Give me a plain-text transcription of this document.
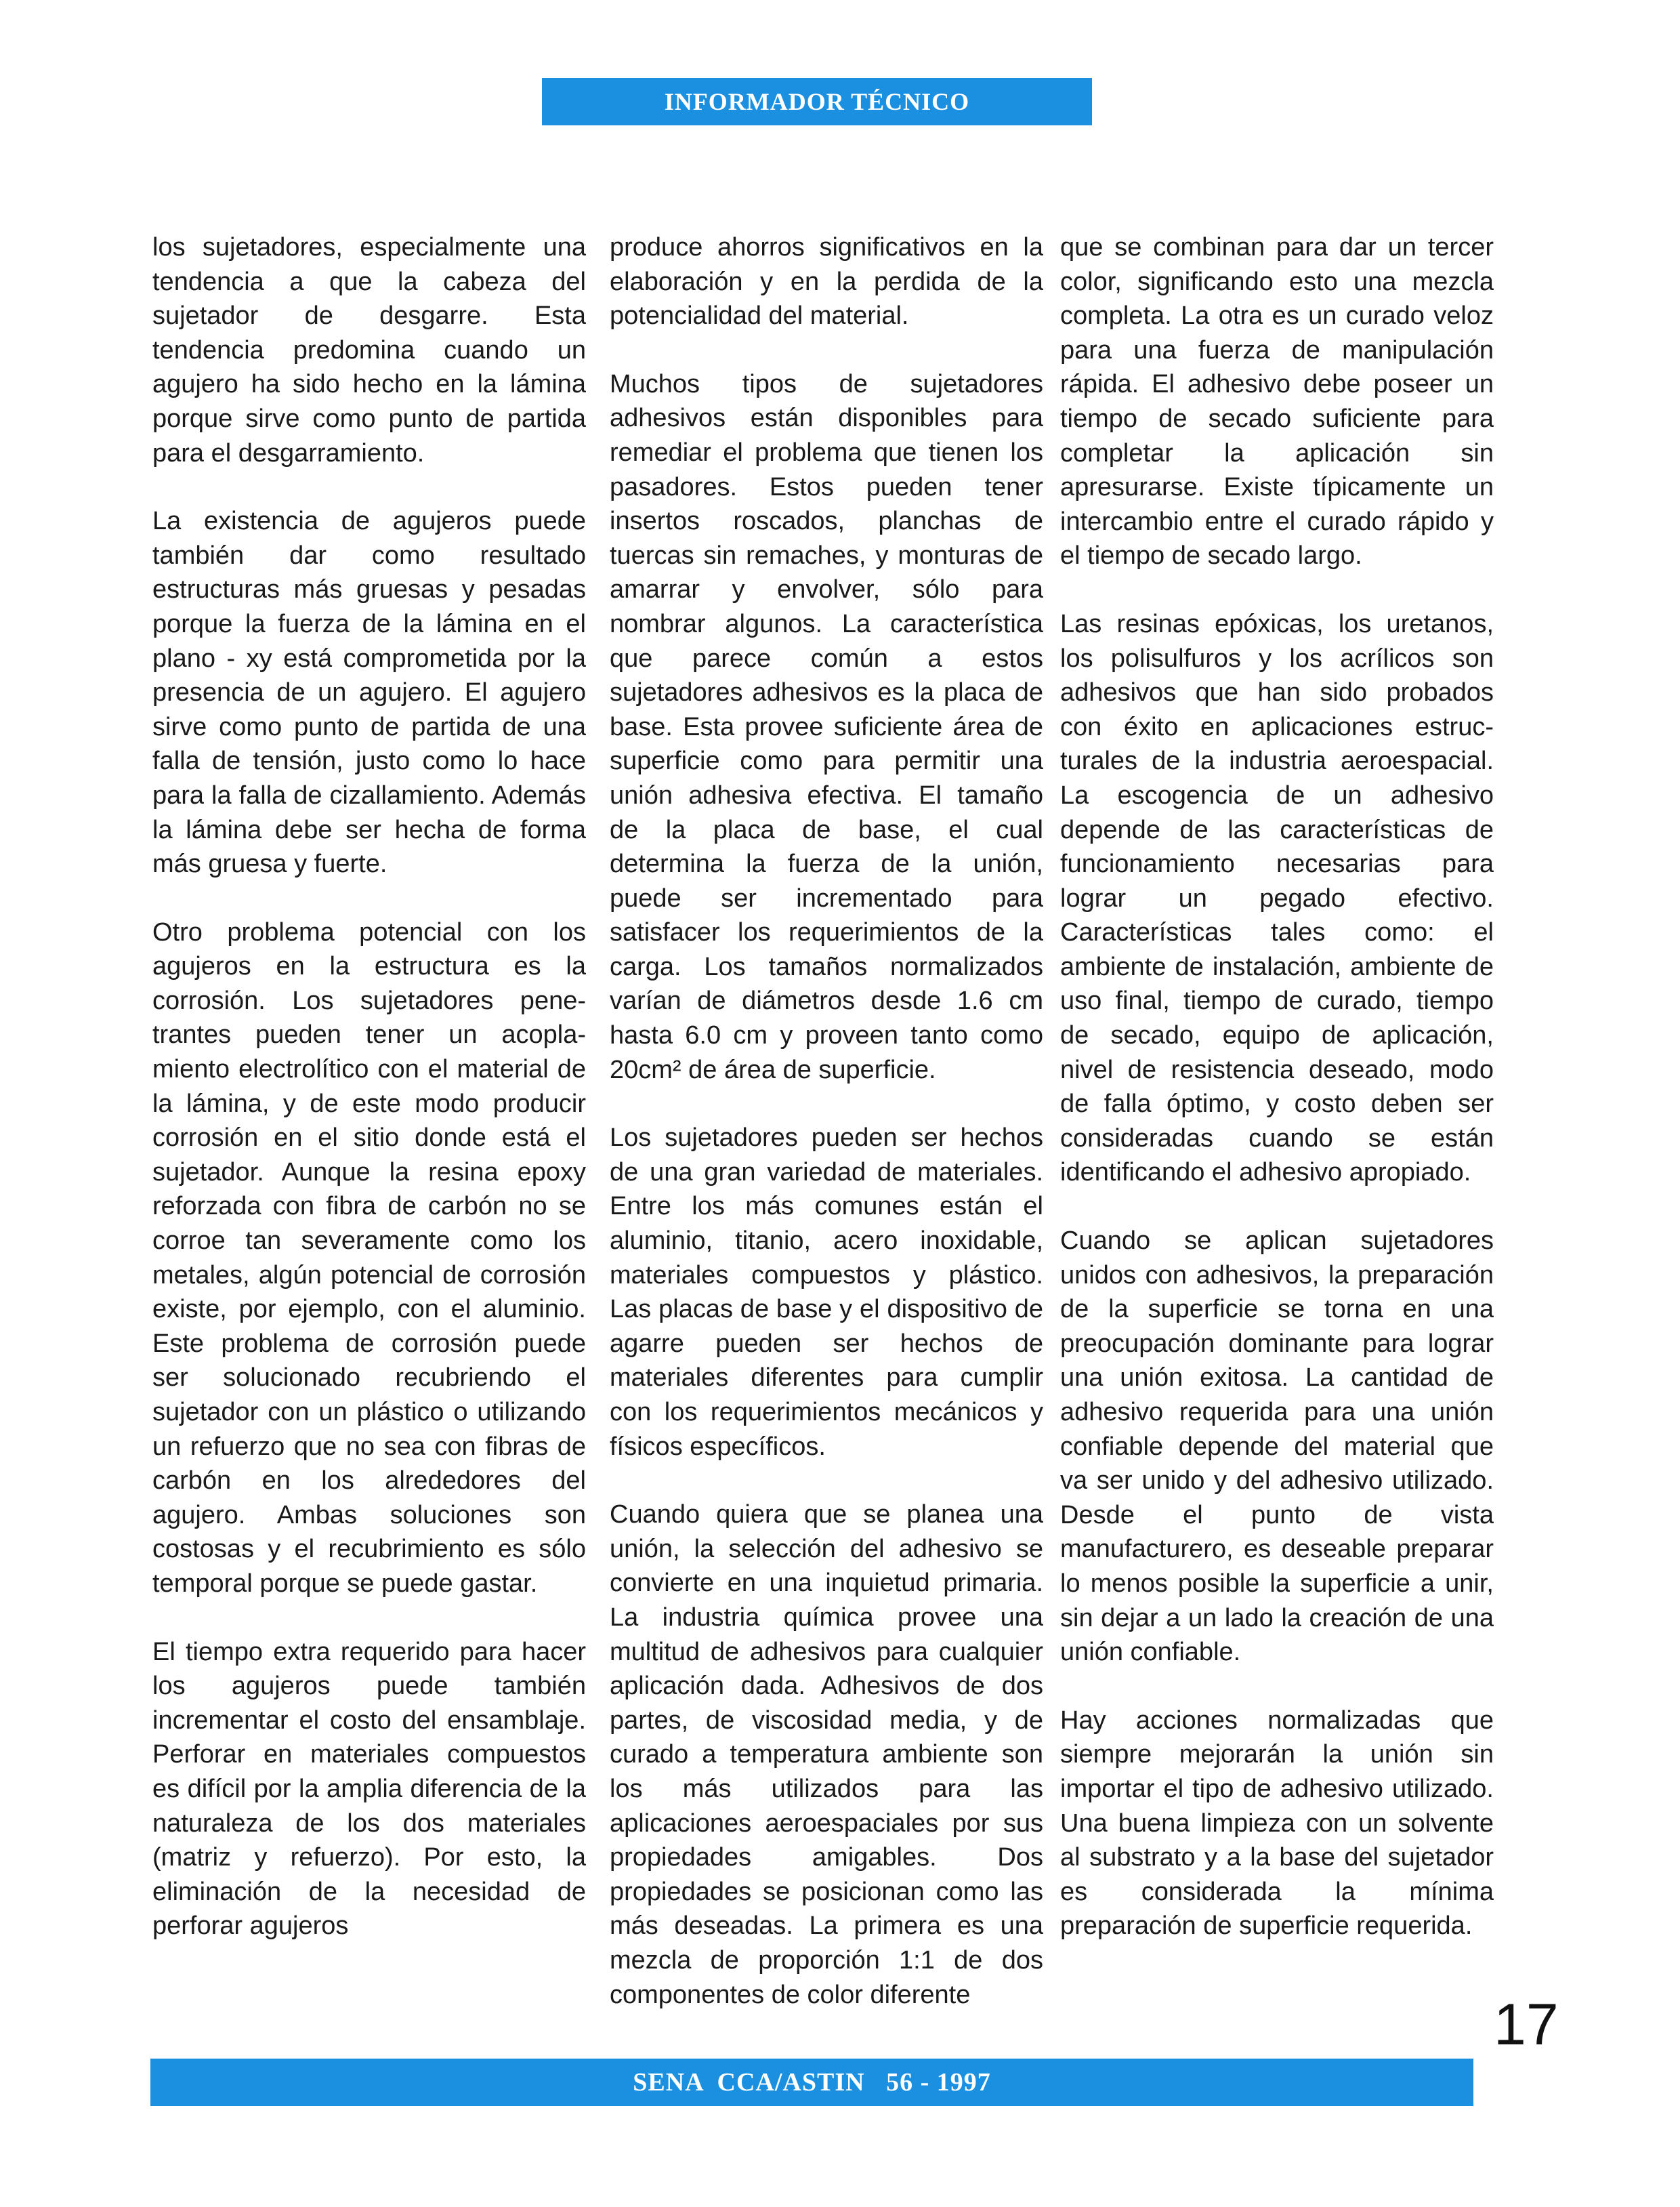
INFORMADOR TÉCNICO

los sujetadores, especialmente una tendencia a que la cabeza del sujetador de desgarre. Esta tendencia predomina cuando un agujero ha sido hecho en la lámina porque sirve como punto de partida para el desgarramiento.

La existencia de agujeros puede también dar como resultado estructuras más gruesas y pesadas porque la fuerza de la lámina en el plano - xy está comprometida por la presencia de un agujero. El agujero sirve como punto de partida de una falla de tensión, justo como lo hace para la falla de cizallamiento. Además la lámina debe ser hecha de forma más gruesa y fuerte.

Otro problema potencial con los agujeros en la estructura es la corrosión. Los sujetadores penetrantes pueden tener un acoplamiento electrolítico con el material de la lámina, y de este modo producir corrosión en el sitio donde está el sujetador. Aunque la resina epoxy reforzada con fibra de carbón no se corroe tan severamente como los metales, algún potencial de corrosión existe, por ejemplo, con el aluminio. Este problema de corrosión puede ser solucionado recubriendo el sujetador con un plástico o utilizando un refuerzo que no sea con fibras de carbón en los alrededores del agujero. Ambas soluciones son costosas y el recubrimiento es sólo temporal porque se puede gastar.

El tiempo extra requerido para hacer los agujeros puede también incrementar el costo del ensamblaje. Perforar en materiales compuestos es difícil por la amplia diferencia de la naturaleza de los dos materiales (matriz y refuerzo). Por esto, la eliminación de la necesidad de perforar agujeros

produce ahorros significativos en la elaboración y en la perdida de la potencialidad del material.

Muchos tipos de sujetadores adhesivos están disponibles para remediar el problema que tienen los pasadores. Estos pueden tener insertos roscados, planchas de tuercas sin remaches, y monturas de amarrar y envolver, sólo para nombrar algunos. La característica que parece común a estos sujetadores adhesivos es la placa de base. Esta provee suficiente área de superficie como para permitir una unión adhesiva efectiva. El tamaño de la placa de base, el cual determina la fuerza de la unión, puede ser incrementado para satisfacer los requerimientos de la carga. Los tamaños normalizados varían de diámetros desde 1.6 cm hasta 6.0 cm y proveen tanto como 20cm² de área de superficie.

Los sujetadores pueden ser hechos de una gran variedad de materiales. Entre los más comunes están el aluminio, titanio, acero inoxidable, materiales compuestos y plástico. Las placas de base y el dispositivo de agarre pueden ser hechos de materiales diferentes para cumplir con los requerimientos mecánicos y físicos específicos.

Cuando quiera que se planea una unión, la selección del adhesivo se convierte en una inquietud primaria. La industria química provee una multitud de adhesivos para cualquier aplicación dada. Adhesivos de dos partes, de viscosidad media, y de curado a temperatura ambiente son los más utilizados para las aplicaciones aeroespaciales por sus propiedades amigables. Dos propiedades se posicionan como las más deseadas. La primera es una mezcla de proporción 1:1 de dos componentes de color diferente

que se combinan para dar un tercer color, significando esto una mezcla completa. La otra es un curado veloz para una fuerza de manipulación rápida. El adhesivo debe poseer un tiempo de secado suficiente para completar la aplicación sin apresurarse. Existe típicamente un intercambio entre el curado rápido y el tiempo de secado largo.

Las resinas epóxicas, los uretanos, los polisulfuros y los acrílicos son adhesivos que han sido probados con éxito en aplicaciones estructurales de la industria aeroespacial. La escogencia de un adhesivo depende de las características de funcionamiento necesarias para lograr un pegado efectivo. Características tales como: el ambiente de instalación, ambiente de uso final, tiempo de curado, tiempo de secado, equipo de aplicación, nivel de resistencia deseado, modo de falla óptimo, y costo deben ser consideradas cuando se están identificando el adhesivo apropiado.

Cuando se aplican sujetadores unidos con adhesivos, la preparación de la superficie se torna en una preocupación dominante para lograr una unión exitosa. La cantidad de adhesivo requerida para una unión confiable depende del material que va ser unido y del adhesivo utilizado. Desde el punto de vista manufacturero, es deseable preparar lo menos posible la superficie a unir, sin dejar a un lado la creación de una unión confiable.

Hay acciones normalizadas que siempre mejorarán la unión sin importar el tipo de adhesivo utilizado. Una buena limpieza con un solvente al substrato y a la base del sujetador es considerada la mínima preparación de superficie requerida.

SENA  CCA/ASTIN   56 - 1997
17
